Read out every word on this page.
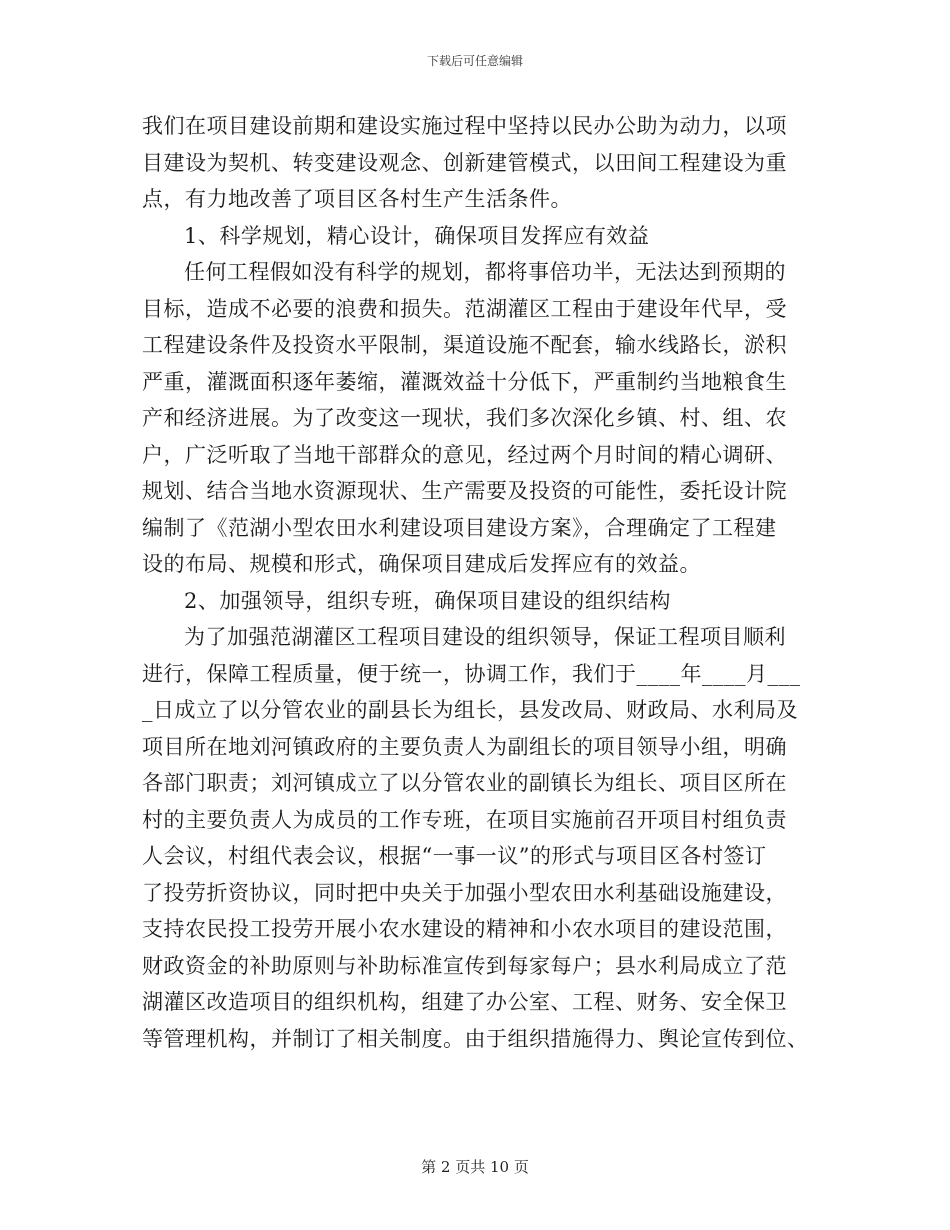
下载后可任意编辑
我们在项目建设前期和建设实施过程中坚持以民办公助为动力，以项
目建设为契机、转变建设观念、创新建管模式，以田间工程建设为重
点，有力地改善了项目区各村生产生活条件。
1、科学规划，精心设计，确保项目发挥应有效益
任何工程假如没有科学的规划，都将事倍功半，无法达到预期的
目标，造成不必要的浪费和损失。范湖灌区工程由于建设年代早，受
工程建设条件及投资水平限制，渠道设施不配套，输水线路长，淤积
严重，灌溉面积逐年萎缩，灌溉效益十分低下，严重制约当地粮食生
产和经济进展。为了改变这一现状，我们多次深化乡镇、村、组、农
户，广泛听取了当地干部群众的意见，经过两个月时间的精心调研、
规划、结合当地水资源现状、生产需要及投资的可能性，委托设计院
编制了《范湖小型农田水利建设项目建设方案》，合理确定了工程建
设的布局、规模和形式，确保项目建成后发挥应有的效益。
2、加强领导，组织专班，确保项目建设的组织结构
为了加强范湖灌区工程项目建设的组织领导，保证工程项目顺利
进行，保障工程质量，便于统一，协调工作，我们于____年____月___
_日成立了以分管农业的副县长为组长，县发改局、财政局、水利局及
项目所在地刘河镇政府的主要负责人为副组长的项目领导小组，明确
各部门职责；刘河镇成立了以分管农业的副镇长为组长、项目区所在
村的主要负责人为成员的工作专班，在项目实施前召开项目村组负责
人会议，村组代表会议，根据“一事一议”的形式与项目区各村签订
了投劳折资协议，同时把中央关于加强小型农田水利基础设施建设，
支持农民投工投劳开展小农水建设的精神和小农水项目的建设范围，
财政资金的补助原则与补助标准宣传到每家每户；县水利局成立了范
湖灌区改造项目的组织机构，组建了办公室、工程、财务、安全保卫
等管理机构，并制订了相关制度。由于组织措施得力、舆论宣传到位、
第 2 页共 10 页
